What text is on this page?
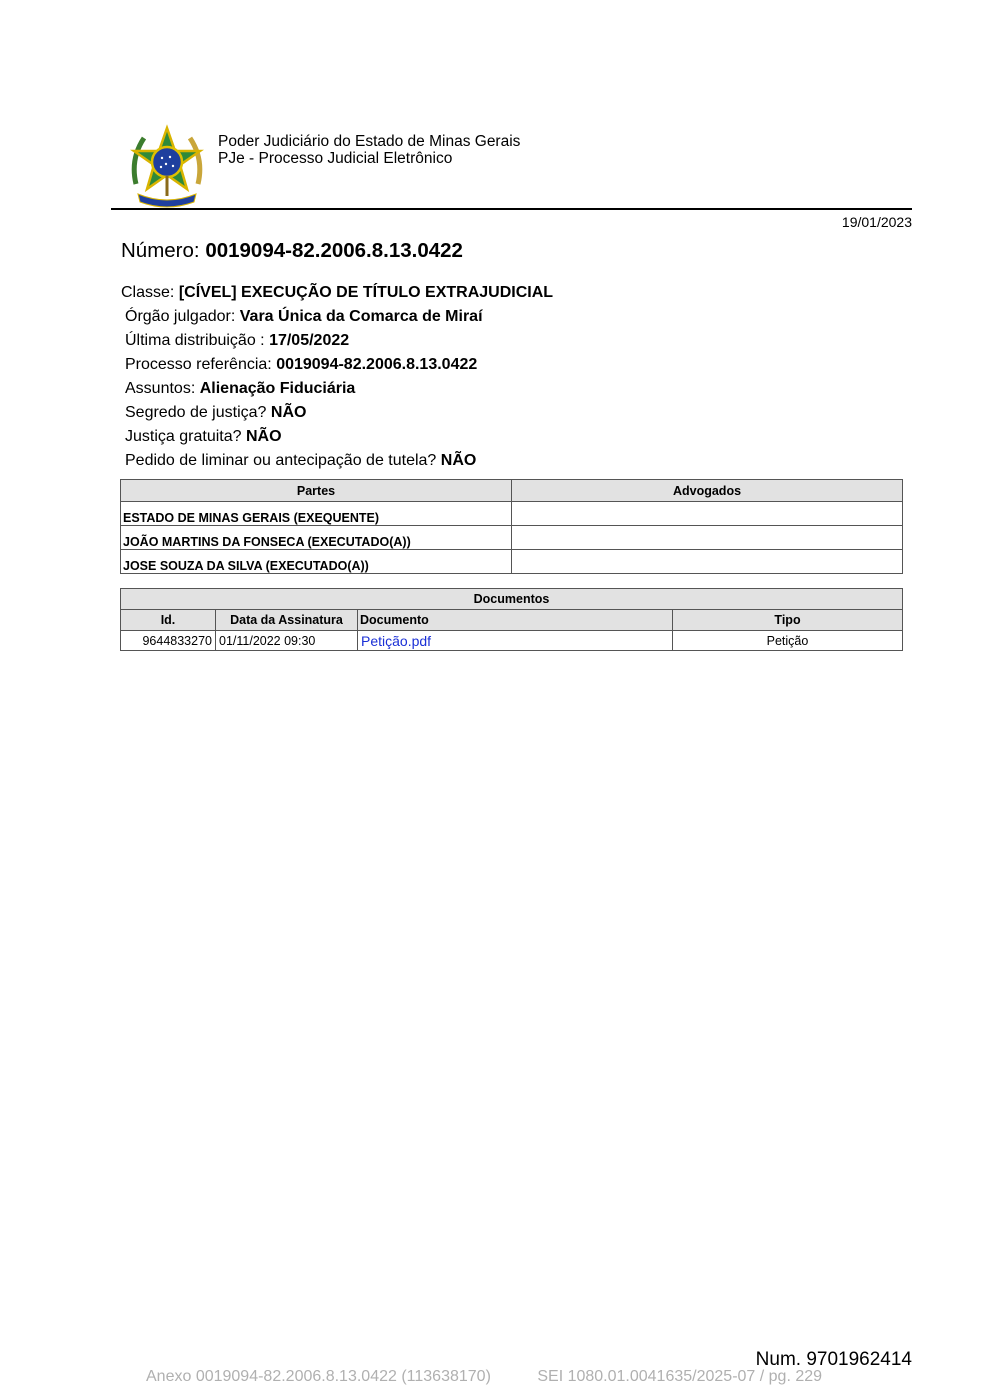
Poder Judiciário do Estado de Minas Gerais
PJe - Processo Judicial Eletrônico
19/01/2023
Número: 0019094-82.2006.8.13.0422
Classe: [CÍVEL] EXECUÇÃO DE TÍTULO EXTRAJUDICIAL
Órgão julgador: Vara Única da Comarca de Miraí
Última distribuição : 17/05/2022
Processo referência: 0019094-82.2006.8.13.0422
Assuntos: Alienação Fiduciária
Segredo de justiça? NÃO
Justiça gratuita? NÃO
Pedido de liminar ou antecipação de tutela? NÃO
Partes	Advogados
ESTADO DE MINAS GERAIS (EXEQUENTE)	
JOÃO MARTINS DA FONSECA (EXECUTADO(A))	
JOSE SOUZA DA SILVA (EXECUTADO(A))	
Documentos			
Id.	Data da Assinatura	Documento	Tipo
9644833270	01/11/2022 09:30	Petição.pdf	Petição
Num. 9701962414
Anexo 0019094-82.2006.8.13.0422 (113638170)	SEI 1080.01.0041635/2025-07 / pg. 229
